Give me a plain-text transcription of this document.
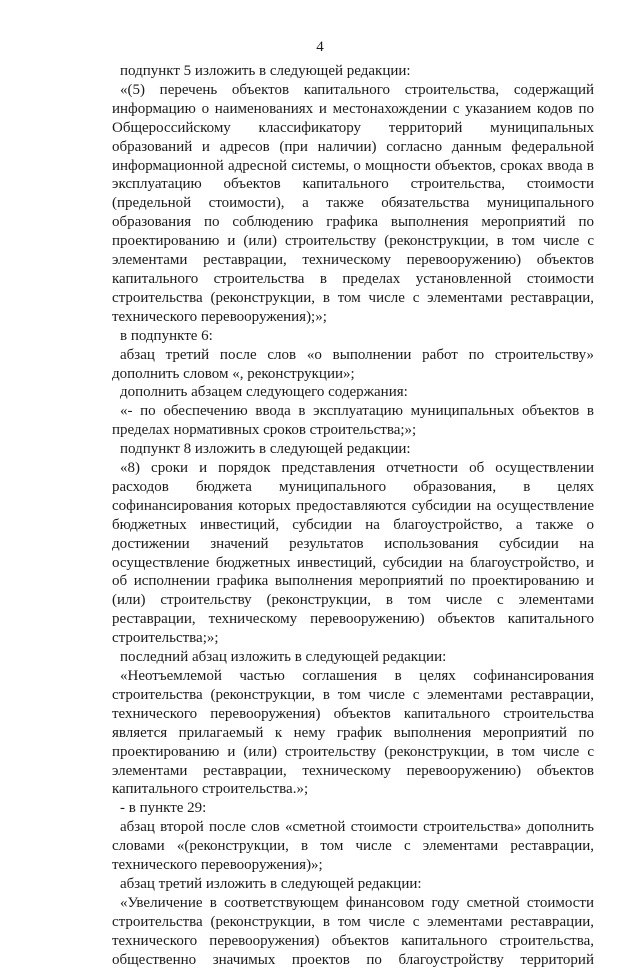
4

подпункт 5 изложить в следующей редакции:

«(5) перечень объектов капитального строительства, содержащий информацию о наименованиях и местонахождении с указанием кодов по Общероссийскому классификатору территорий муниципальных образований и адресов (при наличии) согласно данным федеральной информационной адресной системы, о мощности объектов, сроках ввода в эксплуатацию объектов капитального строительства, стоимости (предельной стоимости), а также обязательства муниципального образования по соблюдению графика выполнения мероприятий по проектированию и (или) строительству (реконструкции, в том числе с элементами реставрации, техническому перевооружению) объектов капитального строительства в пределах установленной стоимости строительства (реконструкции, в том числе с элементами реставрации, технического перевооружения);»;

в подпункте 6:

абзац третий после слов «о выполнении работ по строительству» дополнить словом «, реконструкции»;

дополнить абзацем следующего содержания:

«- по обеспечению ввода в эксплуатацию муниципальных объектов в пределах нормативных сроков строительства;»;

подпункт 8 изложить в следующей редакции:

«8) сроки и порядок представления отчетности об осуществлении расходов бюджета муниципального образования, в целях софинансирования которых предоставляются субсидии на осуществление бюджетных инвестиций, субсидии на благоустройство, а также о достижении значений результатов использования субсидии на осуществление бюджетных инвестиций, субсидии на благоустройство, и об исполнении графика выполнения мероприятий по проектированию и (или) строительству (реконструкции, в том числе с элементами реставрации, техническому перевооружению) объектов капитального строительства;»;

последний абзац изложить в следующей редакции:

«Неотъемлемой частью соглашения в целях софинансирования строительства (реконструкции, в том числе с элементами реставрации, технического перевооружения) объектов капитального строительства является прилагаемый к нему график выполнения мероприятий по проектированию и (или) строительству (реконструкции, в том числе с элементами реставрации, техническому перевооружению) объектов капитального строительства.»;

- в пункте 29:

абзац второй после слов «сметной стоимости строительства» дополнить словами «(реконструкции, в том числе с элементами реставрации, технического перевооружения)»;

абзац третий изложить в следующей редакции:

«Увеличение в соответствующем финансовом году сметной стоимости строительства (реконструкции, в том числе с элементами реставрации, технического перевооружения) объектов капитального строительства, общественно значимых проектов по благоустройству территорий
